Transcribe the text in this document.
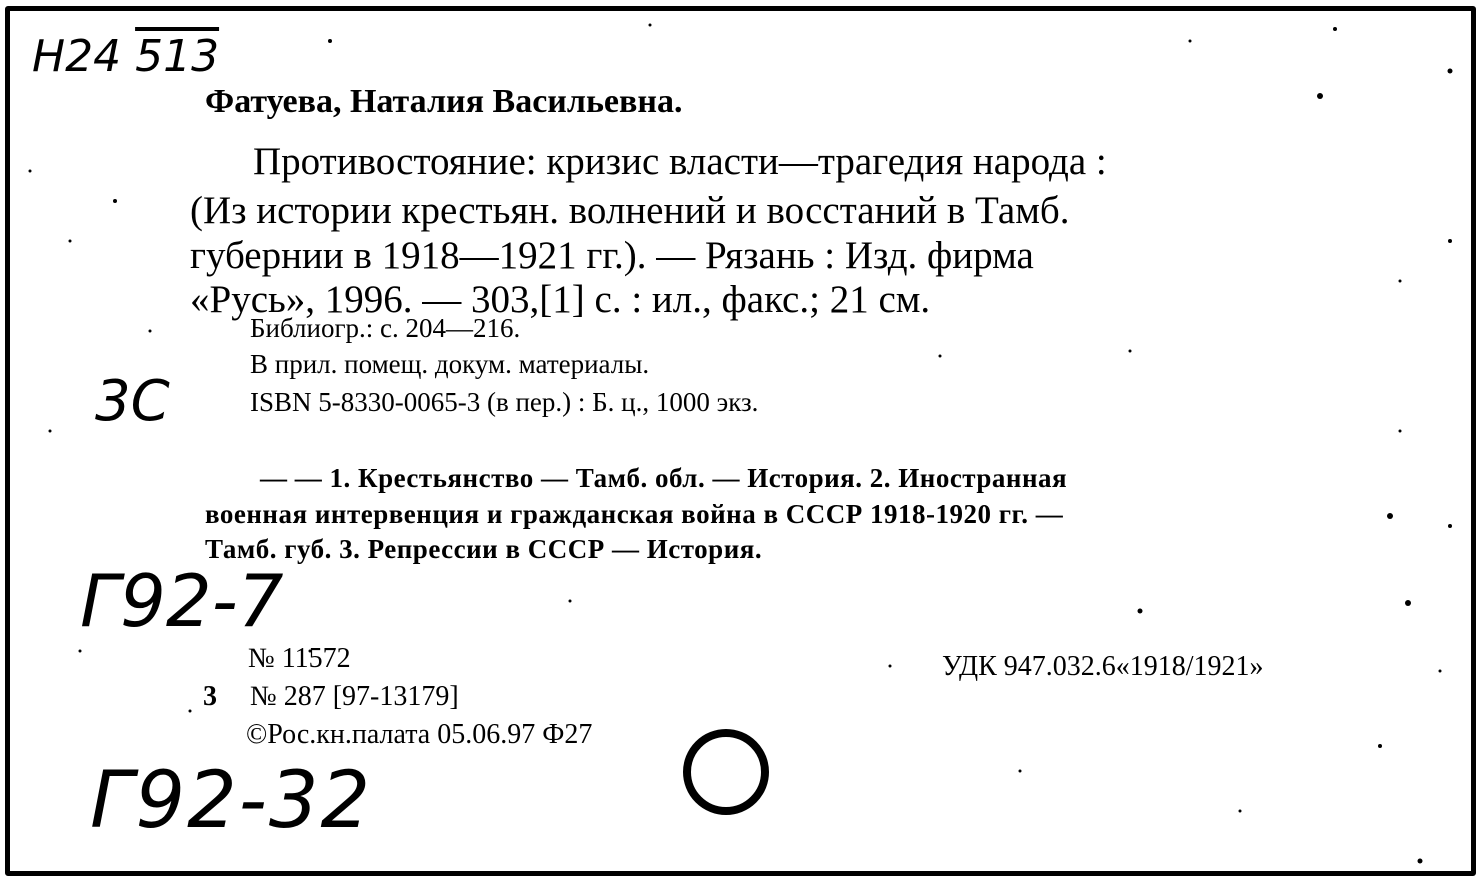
H24 513
Фатуева, Наталия Васильевна.
Противостояние: кризис власти—трагедия народа :
(Из истории крестьян. волнений и восстаний в Тамб.
губернии в 1918—1921 гг.). — Рязань : Изд. фирма
«Русь», 1996. — 303,[1] с. : ил., факс.; 21 см.
Библиогр.: с. 204—216.
В прил. помещ. докум. материалы.
ISBN 5-8330-0065-3 (в пер.) : Б. ц., 1000 экз.
3C
— — 1. Крестьянство — Тамб. обл. — История. 2. Иностранная
военная интервенция и гражданская война в СССР 1918-1920 гг. —
Тамб. губ. 3. Репрессии в СССР — История.
Г92-7
№ 11572	УДК 947.032.6«1918/1921»
3 № 287 [97-13179]
©Рос.кн.палата 05.06.97 Ф27
Г92-32
